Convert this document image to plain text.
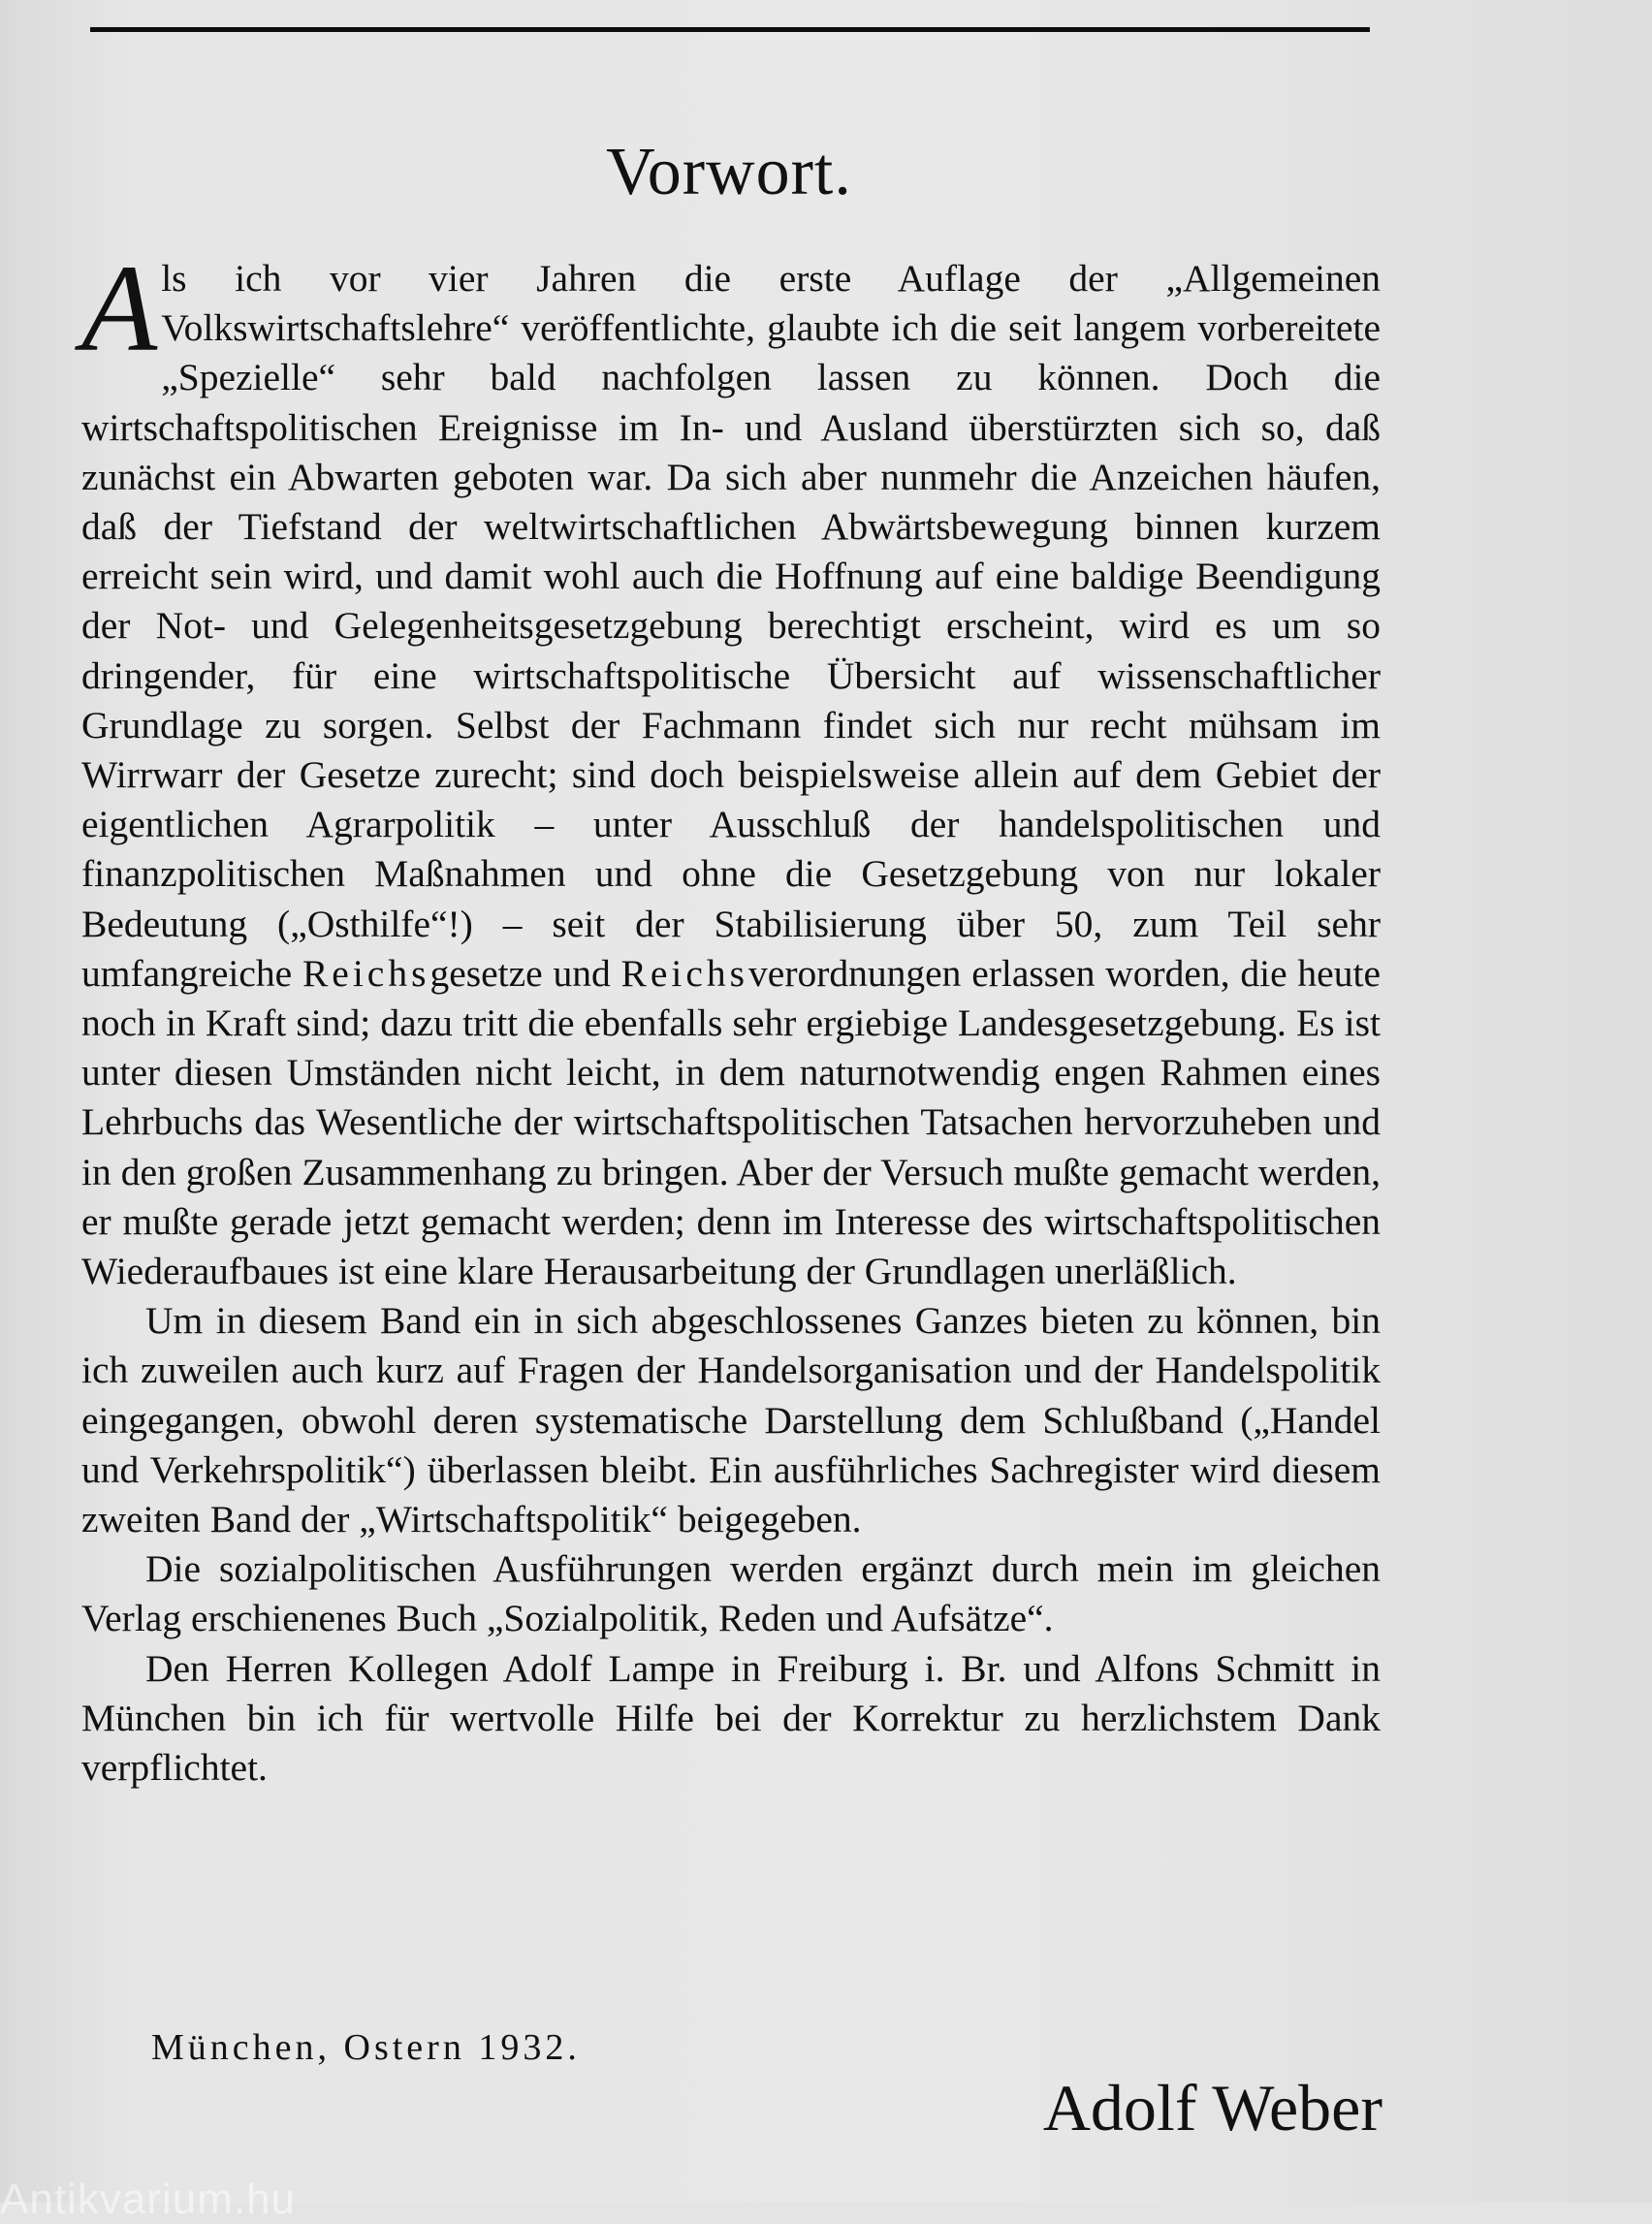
Vorwort.

Als ich vor vier Jahren die erste Auflage der „Allgemeinen Volkswirtschaftslehre“ veröffentlichte, glaubte ich die seit langem vorbereitete „Spezielle“ sehr bald nachfolgen lassen zu können. Doch die wirtschaftspolitischen Ereignisse im In- und Ausland überstürzten sich so, daß zunächst ein Abwarten geboten war. Da sich aber nunmehr die Anzeichen häufen, daß der Tiefstand der weltwirtschaftlichen Abwärtsbewegung binnen kurzem erreicht sein wird, und damit wohl auch die Hoffnung auf eine baldige Beendigung der Not- und Gelegenheitsgesetzgebung berechtigt erscheint, wird es um so dringender, für eine wirtschaftspolitische Übersicht auf wissenschaftlicher Grundlage zu sorgen. Selbst der Fachmann findet sich nur recht mühsam im Wirrwarr der Gesetze zurecht; sind doch beispielsweise allein auf dem Gebiet der eigentlichen Agrarpolitik – unter Ausschluß der handelspolitischen und finanzpolitischen Maßnahmen und ohne die Gesetzgebung von nur lokaler Bedeutung („Osthilfe“!) – seit der Stabilisierung über 50, zum Teil sehr umfangreiche Reichsgesetze und Reichsverordnungen erlassen worden, die heute noch in Kraft sind; dazu tritt die ebenfalls sehr ergiebige Landesgesetzgebung. Es ist unter diesen Umständen nicht leicht, in dem naturnotwendig engen Rahmen eines Lehrbuchs das Wesentliche der wirtschaftspolitischen Tatsachen hervorzuheben und in den großen Zusammenhang zu bringen. Aber der Versuch mußte gemacht werden, er mußte gerade jetzt gemacht werden; denn im Interesse des wirtschaftspolitischen Wiederaufbaues ist eine klare Herausarbeitung der Grundlagen unerläßlich.

Um in diesem Band ein in sich abgeschlossenes Ganzes bieten zu können, bin ich zuweilen auch kurz auf Fragen der Handelsorganisation und der Handelspolitik eingegangen, obwohl deren systematische Darstellung dem Schlußband („Handel und Verkehrspolitik“) überlassen bleibt. Ein ausführliches Sachregister wird diesem zweiten Band der „Wirtschaftspolitik“ beigegeben.

Die sozialpolitischen Ausführungen werden ergänzt durch mein im gleichen Verlag erschienenes Buch „Sozialpolitik, Reden und Aufsätze“.

Den Herren Kollegen Adolf Lampe in Freiburg i. Br. und Alfons Schmitt in München bin ich für wertvolle Hilfe bei der Korrektur zu herzlichstem Dank verpflichtet.

München, Ostern 1932.

Adolf Weber

Antikvarium.hu
